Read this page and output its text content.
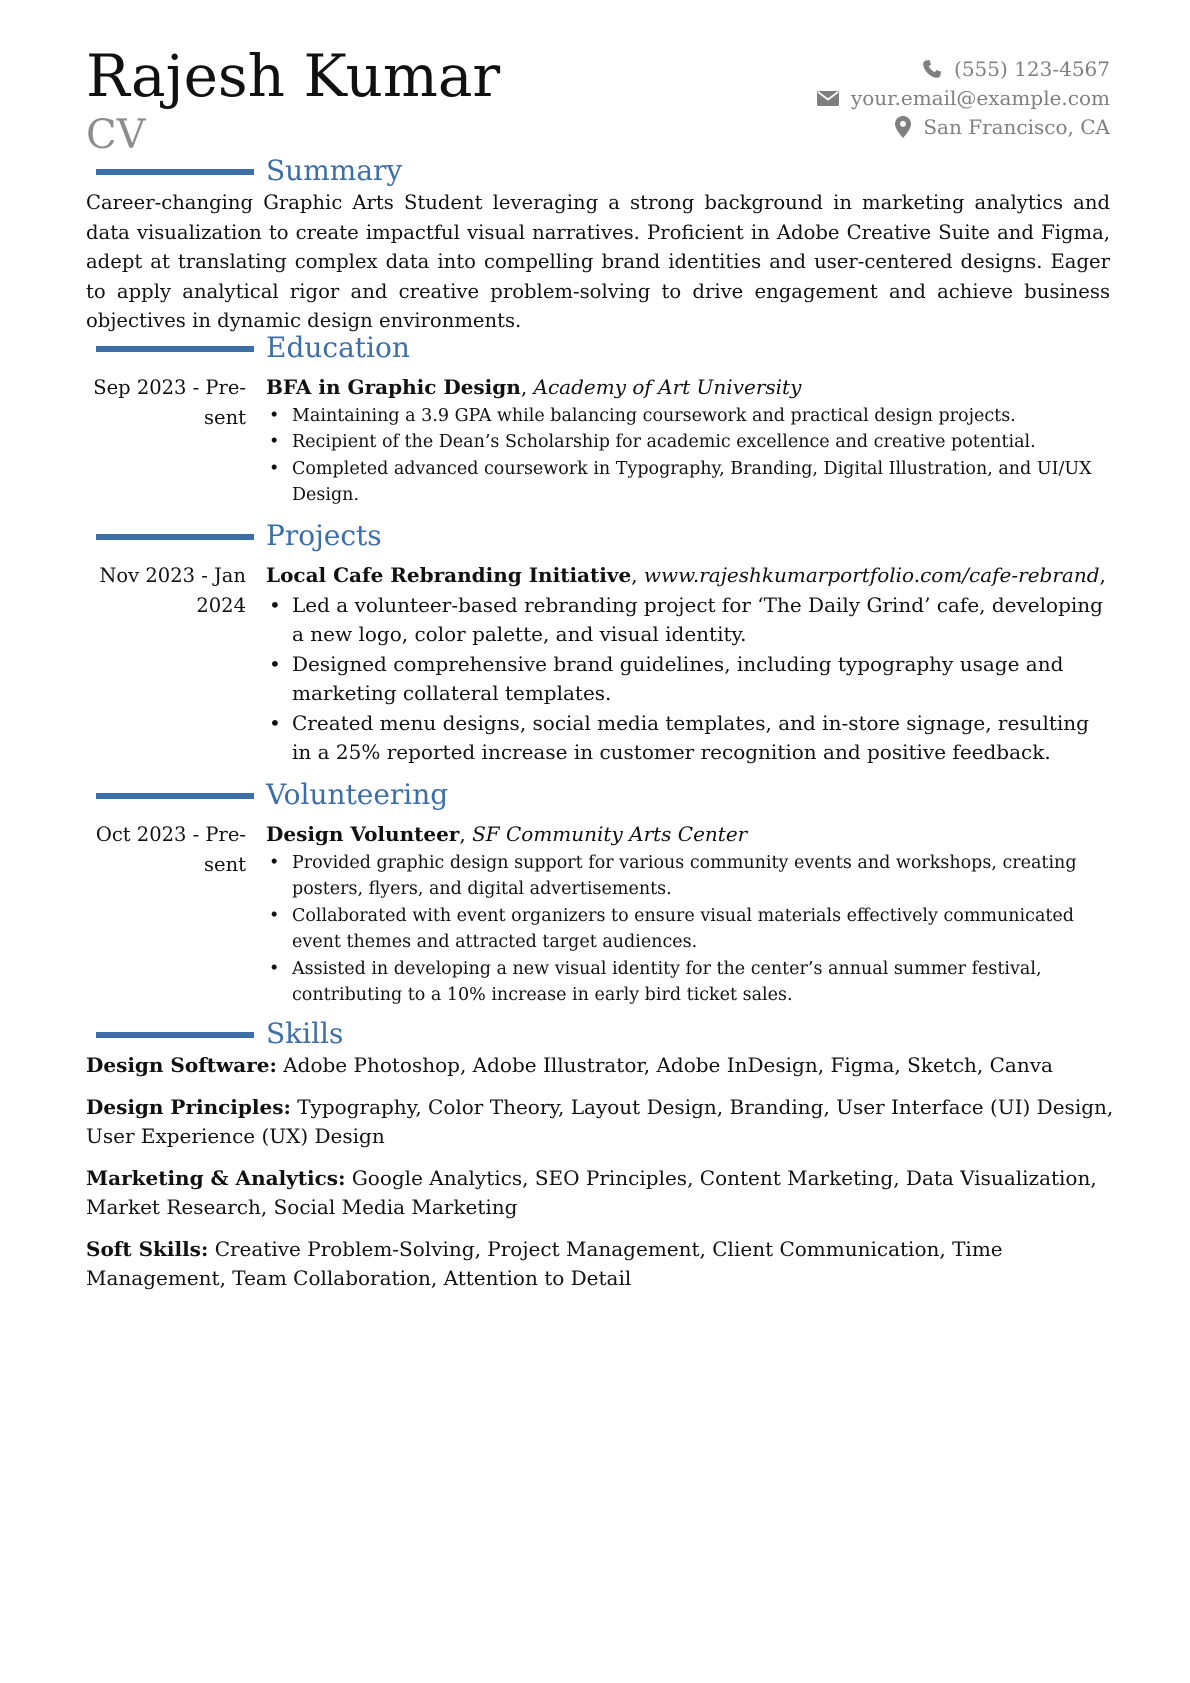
Rajesh Kumar
CV
(555) 123-4567
your.email@example.com
San Francisco, CA
Summary
Career-changing Graphic Arts Student leveraging a strong background in marketing analytics and data visualization to create impactful visual narratives. Proficient in Adobe Creative Suite and Figma, adept at translating complex data into compelling brand identities and user-centered designs. Eager to apply analytical rigor and creative problem-solving to drive engagement and achieve business objectives in dynamic design environments.
Education
Sep 2023 - Pre-
sent
BFA in Graphic Design, Academy of Art University
• Maintaining a 3.9 GPA while balancing coursework and practical design projects.
• Recipient of the Dean’s Scholarship for academic excellence and creative potential.
• Completed advanced coursework in Typography, Branding, Digital Illustration, and UI/UX Design.
Projects
Nov 2023 - Jan
2024
Local Cafe Rebranding Initiative, www.rajeshkumarportfolio.com/cafe-rebrand,
• Led a volunteer-based rebranding project for ‘The Daily Grind’ cafe, developing a new logo, color palette, and visual identity.
• Designed comprehensive brand guidelines, including typography usage and marketing collateral templates.
• Created menu designs, social media templates, and in-store signage, resulting in a 25% reported increase in customer recognition and positive feedback.
Volunteering
Oct 2023 - Pre-
sent
Design Volunteer, SF Community Arts Center
• Provided graphic design support for various community events and workshops, creating posters, flyers, and digital advertisements.
• Collaborated with event organizers to ensure visual materials effectively communicated event themes and attracted target audiences.
• Assisted in developing a new visual identity for the center’s annual summer festival, contributing to a 10% increase in early bird ticket sales.
Skills
Design Software: Adobe Photoshop, Adobe Illustrator, Adobe InDesign, Figma, Sketch, Canva
Design Principles: Typography, Color Theory, Layout Design, Branding, User Interface (UI) Design, User Experience (UX) Design
Marketing & Analytics: Google Analytics, SEO Principles, Content Marketing, Data Visualization, Market Research, Social Media Marketing
Soft Skills: Creative Problem-Solving, Project Management, Client Communication, Time Management, Team Collaboration, Attention to Detail
